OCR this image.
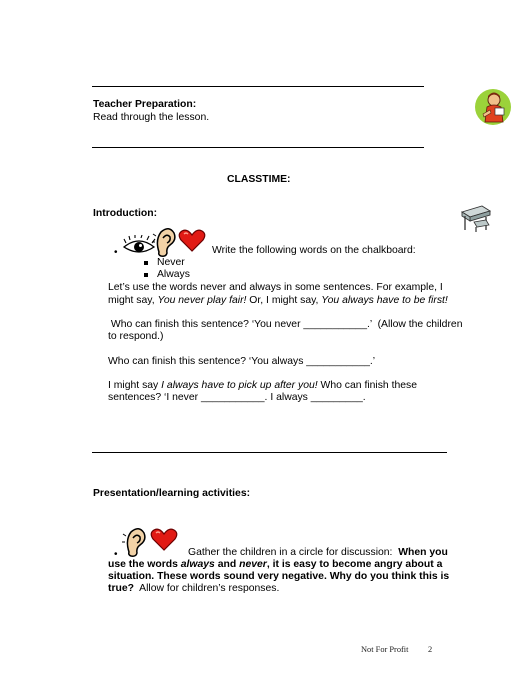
Teacher Preparation:
Read through the lesson.
CLASSTIME:
Introduction:
•	Write the following words on the chalkboard:
Never
Always
Let’s use the words never and always in some sentences. For example, I
might say, You never play fair! Or, I might say, You always have to be first!
Who can finish this sentence? ‘You never ___________.’  (Allow the children
to respond.)
Who can finish this sentence? ‘You always ___________.’
I might say I always have to pick up after you! Who can finish these
sentences? ‘I never ___________. I always _________.
Presentation/learning activities:
•	Gather the children in a circle for discussion:  When you
use the words always and never, it is easy to become angry about a
situation. These words sound very negative. Why do you think this is
true?  Allow for children’s responses.
Not For Profit 2
